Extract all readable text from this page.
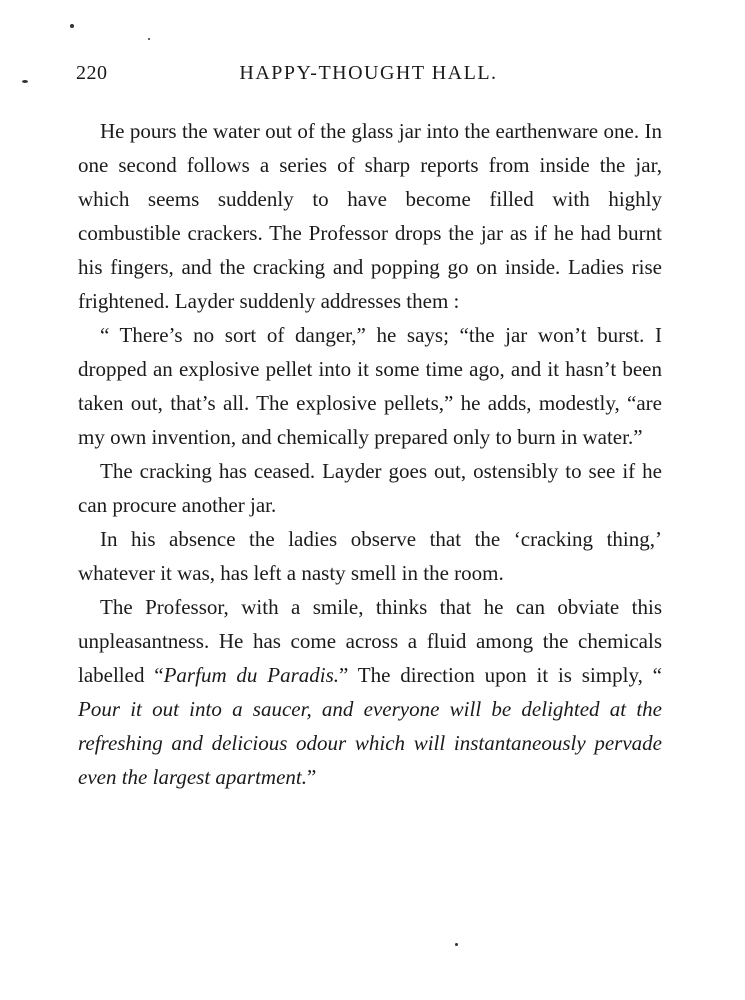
220	HAPPY-THOUGHT HALL.

He pours the water out of the glass jar into the earthenware one. In one second follows a series of sharp reports from inside the jar, which seems suddenly to have become filled with highly combustible crackers. The Professor drops the jar as if he had burnt his fingers, and the cracking and popping go on inside. Ladies rise frightened. Layder suddenly addresses them :

“ There’s no sort of danger,” he says; “the jar won’t burst. I dropped an explosive pellet into it some time ago, and it hasn’t been taken out, that’s all. The explosive pellets,” he adds, modestly, “are my own invention, and chemically prepared only to burn in water.”

The cracking has ceased. Layder goes out, ostensibly to see if he can procure another jar.

In his absence the ladies observe that the ‘cracking thing,’ whatever it was, has left a nasty smell in the room.

The Professor, with a smile, thinks that he can obviate this unpleasantness. He has come across a fluid among the chemicals labelled “Parfum du Paradis.” The direction upon it is simply, “ Pour it out into a saucer, and everyone will be delighted at the refreshing and delicious odour which will instantaneously pervade even the largest apartment.”
